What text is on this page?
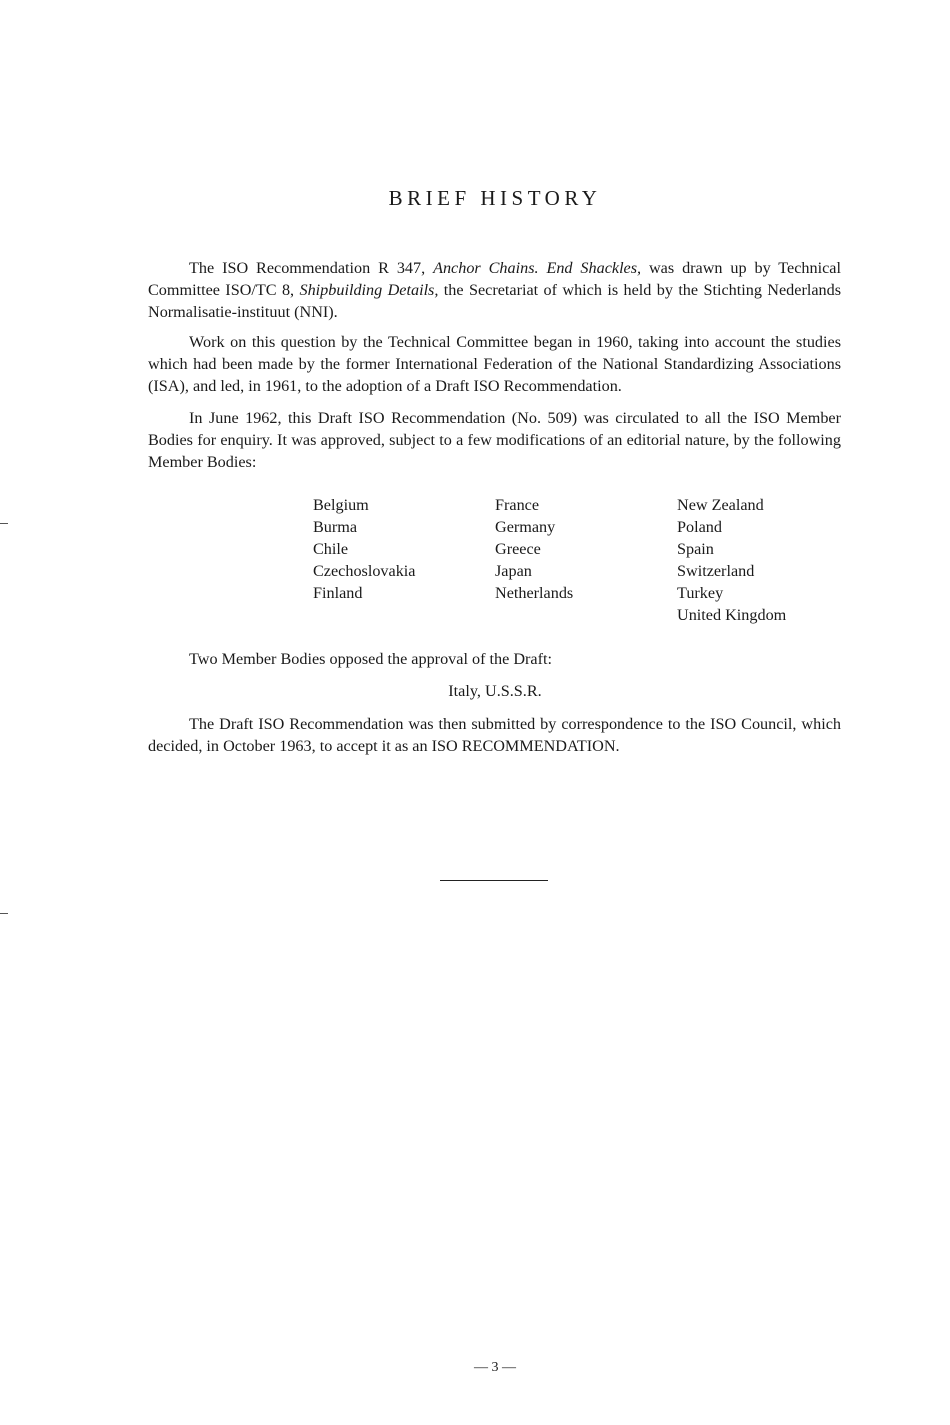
BRIEF HISTORY

The ISO Recommendation R 347, Anchor Chains. End Shackles, was drawn up by Technical Committee ISO/TC 8, Shipbuilding Details, the Secretariat of which is held by the Stichting Nederlands Normalisatie-instituut (NNI).

Work on this question by the Technical Committee began in 1960, taking into account the studies which had been made by the former International Federation of the National Standardizing Associations (ISA), and led, in 1961, to the adoption of a Draft ISO Recommendation.

In June 1962, this Draft ISO Recommendation (No. 509) was circulated to all the ISO Member Bodies for enquiry. It was approved, subject to a few modifications of an editorial nature, by the following Member Bodies:

Belgium
Burma
Chile
Czechoslovakia
Finland
France
Germany
Greece
Japan
Netherlands
New Zealand
Poland
Spain
Switzerland
Turkey
United Kingdom
Two Member Bodies opposed the approval of the Draft:
Italy, U.S.S.R.

The Draft ISO Recommendation was then submitted by correspondence to the ISO Council, which decided, in October 1963, to accept it as an ISO RECOMMENDATION.

— 3 —
